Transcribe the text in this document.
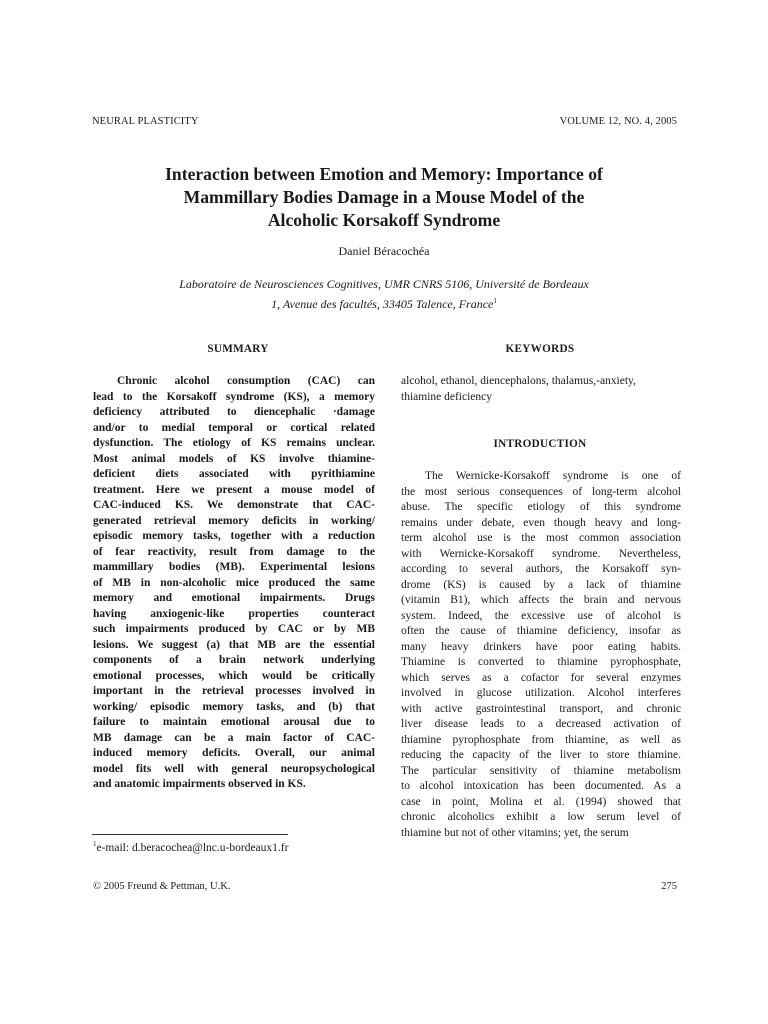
NEURAL PLASTICITY	VOLUME 12, NO. 4, 2005
Interaction between Emotion and Memory: Importance of
Mammillary Bodies Damage in a Mouse Model of the
Alcoholic Korsakoff Syndrome
Daniel Béracochéa
Laboratoire de Neurosciences Cognitives, UMR CNRS 5106, Université de Bordeaux
1, Avenue des facultés, 33405 Talence, France$^1$
SUMMARY	KEYWORDS
Chronic alcohol consumption (CAC) can
lead to the Korsakoff syndrome (KS), a memory
deficiency attributed to diencephalic ·damage
and/or to medial temporal or cortical related
dysfunction. The etiology of KS remains unclear.
Most animal models of KS involve thiamine-
deficient diets associated with pyrithiamine
treatment. Here we present a mouse model of
CAC-induced KS. We demonstrate that CAC-
generated retrieval memory deficits in working/
episodic memory tasks, together with a reduction
of fear reactivity, result from damage to the
mammillary bodies (MB). Experimental lesions
of MB in non-alcoholic mice produced the same
memory and emotional impairments. Drugs
having anxiogenic-like properties counteract
such impairments produced by CAC or by MB
lesions. We suggest (a) that MB are the essential
components of a brain network underlying
emotional processes, which would be critically
important in the retrieval processes involved in
working/ episodic memory tasks, and (b) that
failure to maintain emotional arousal due to
MB damage can be a main factor of CAC-
induced memory deficits. Overall, our animal
model fits well with general neuropsychological
and anatomic impairments observed in KS.
alcohol, ethanol, diencephalons, thalamus,-anxiety,
thiamine deficiency
INTRODUCTION
The Wernicke-Korsakoff syndrome is one of
the most serious consequences of long-term alcohol
abuse. The specific etiology of this syndrome
remains under debate, even though heavy and long-
term alcohol use is the most common association
with Wernicke-Korsakoff syndrome. Nevertheless,
according to several authors, the Korsakoff syn-
drome (KS) is caused by a lack of thiamine
(vitamin B1), which affects the brain and nervous
system. Indeed, the excessive use of alcohol is
often the cause of thiamine deficiency, insofar as
many heavy drinkers have poor eating habits.
Thiamine is converted to thiamine pyrophosphate,
which serves as a cofactor for several enzymes
involved in glucose utilization. Alcohol interferes
with active gastrointestinal transport, and chronic
liver disease leads to a decreased activation of
thiamine pyrophosphate from thiamine, as well as
reducing the capacity of the liver to store thiamine.
The particular sensitivity of thiamine metabolism
to alcohol intoxication has been documented. As a
case in point, Molina et al. (1994) showed that
chronic alcoholics exhibit a low serum level of
thiamine but not of other vitamins; yet, the serum
$^1$e-mail: d.beracochea@lnc.u-bordeaux1.fr
© 2005 Freund & Pettman, U.K.	275
